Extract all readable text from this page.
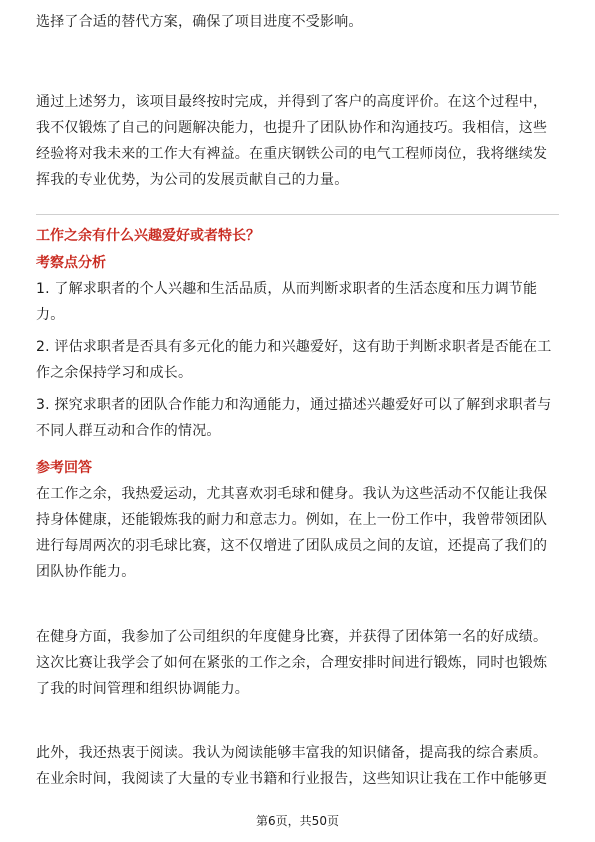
选择了合适的替代方案，确保了项目进度不受影响。
通过上述努力，该项目最终按时完成，并得到了客户的高度评价。在这个过程中，
我不仅锻炼了自己的问题解决能力，也提升了团队协作和沟通技巧。我相信，这些
经验将对我未来的工作大有裨益。在重庆钢铁公司的电气工程师岗位，我将继续发
挥我的专业优势，为公司的发展贡献自己的力量。
工作之余有什么兴趣爱好或者特长？
考察点分析
1. 了解求职者的个人兴趣和生活品质，从而判断求职者的生活态度和压力调节能
力。
2. 评估求职者是否具有多元化的能力和兴趣爱好，这有助于判断求职者是否能在工
作之余保持学习和成长。
3. 探究求职者的团队合作能力和沟通能力，通过描述兴趣爱好可以了解到求职者与
不同人群互动和合作的情况。
参考回答
在工作之余，我热爱运动，尤其喜欢羽毛球和健身。我认为这些活动不仅能让我保
持身体健康，还能锻炼我的耐力和意志力。例如，在上一份工作中，我曾带领团队
进行每周两次的羽毛球比赛，这不仅增进了团队成员之间的友谊，还提高了我们的
团队协作能力。
在健身方面，我参加了公司组织的年度健身比赛，并获得了团体第一名的好成绩。
这次比赛让我学会了如何在紧张的工作之余，合理安排时间进行锻炼，同时也锻炼
了我的时间管理和组织协调能力。
此外，我还热衷于阅读。我认为阅读能够丰富我的知识储备，提高我的综合素质。
在业余时间，我阅读了大量的专业书籍和行业报告，这些知识让我在工作中能够更
第6页，共50页
